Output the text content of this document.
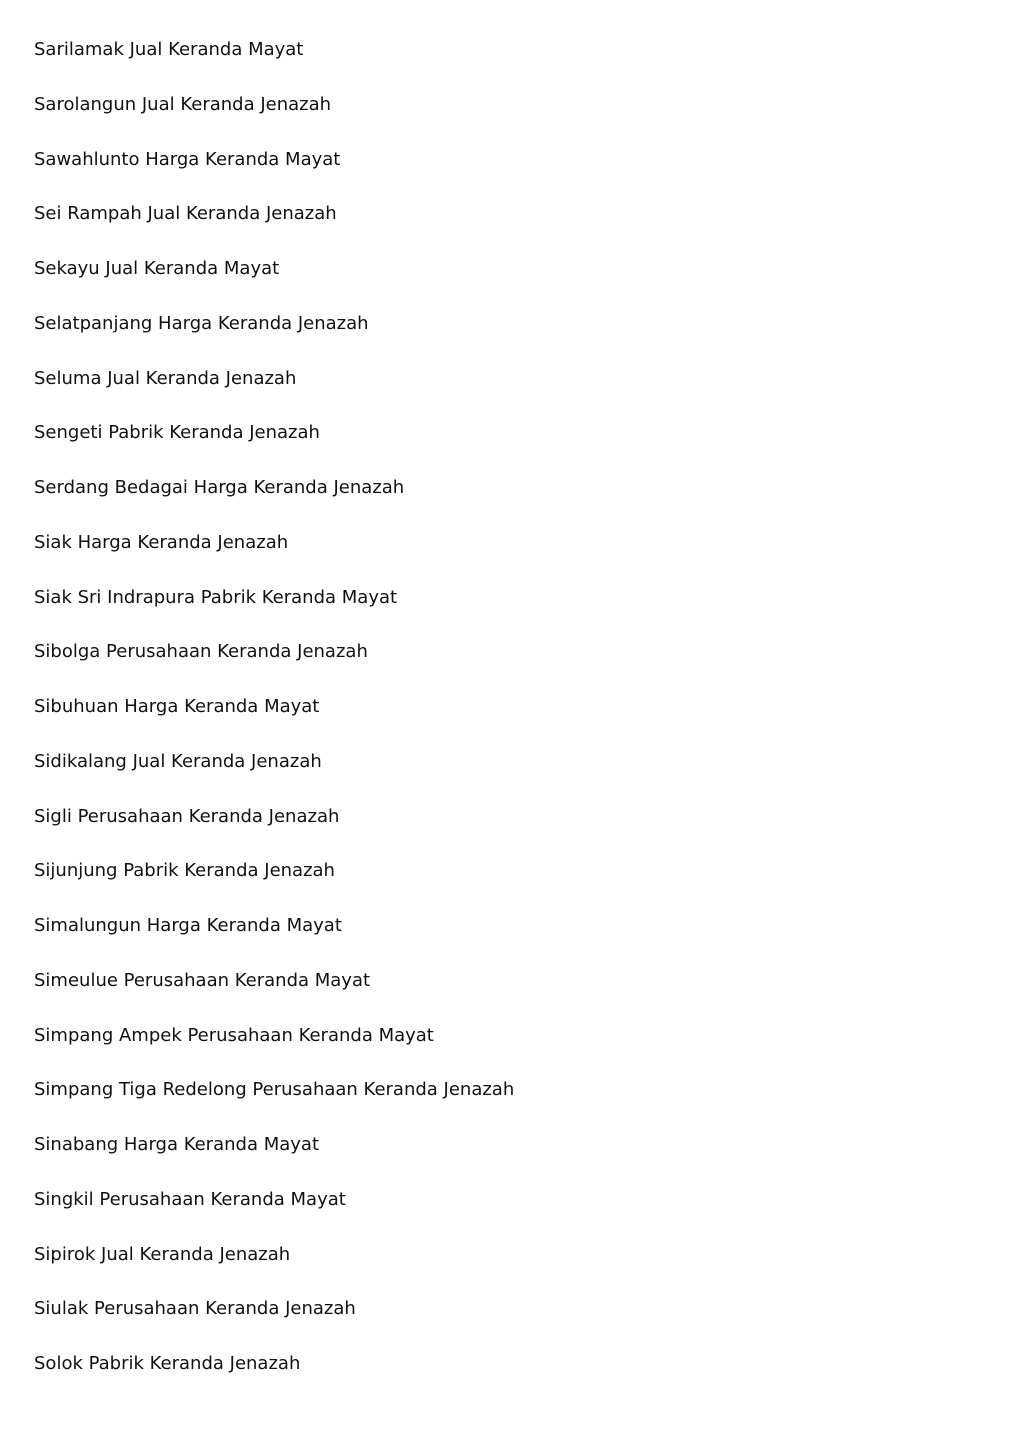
Sarilamak Jual Keranda Mayat
Sarolangun Jual Keranda Jenazah
Sawahlunto Harga Keranda Mayat
Sei Rampah Jual Keranda Jenazah
Sekayu Jual Keranda Mayat
Selatpanjang Harga Keranda Jenazah
Seluma Jual Keranda Jenazah
Sengeti Pabrik Keranda Jenazah
Serdang Bedagai Harga Keranda Jenazah
Siak Harga Keranda Jenazah
Siak Sri Indrapura Pabrik Keranda Mayat
Sibolga Perusahaan Keranda Jenazah
Sibuhuan Harga Keranda Mayat
Sidikalang Jual Keranda Jenazah
Sigli Perusahaan Keranda Jenazah
Sijunjung Pabrik Keranda Jenazah
Simalungun Harga Keranda Mayat
Simeulue Perusahaan Keranda Mayat
Simpang Ampek Perusahaan Keranda Mayat
Simpang Tiga Redelong Perusahaan Keranda Jenazah
Sinabang Harga Keranda Mayat
Singkil Perusahaan Keranda Mayat
Sipirok Jual Keranda Jenazah
Siulak Perusahaan Keranda Jenazah
Solok Pabrik Keranda Jenazah
